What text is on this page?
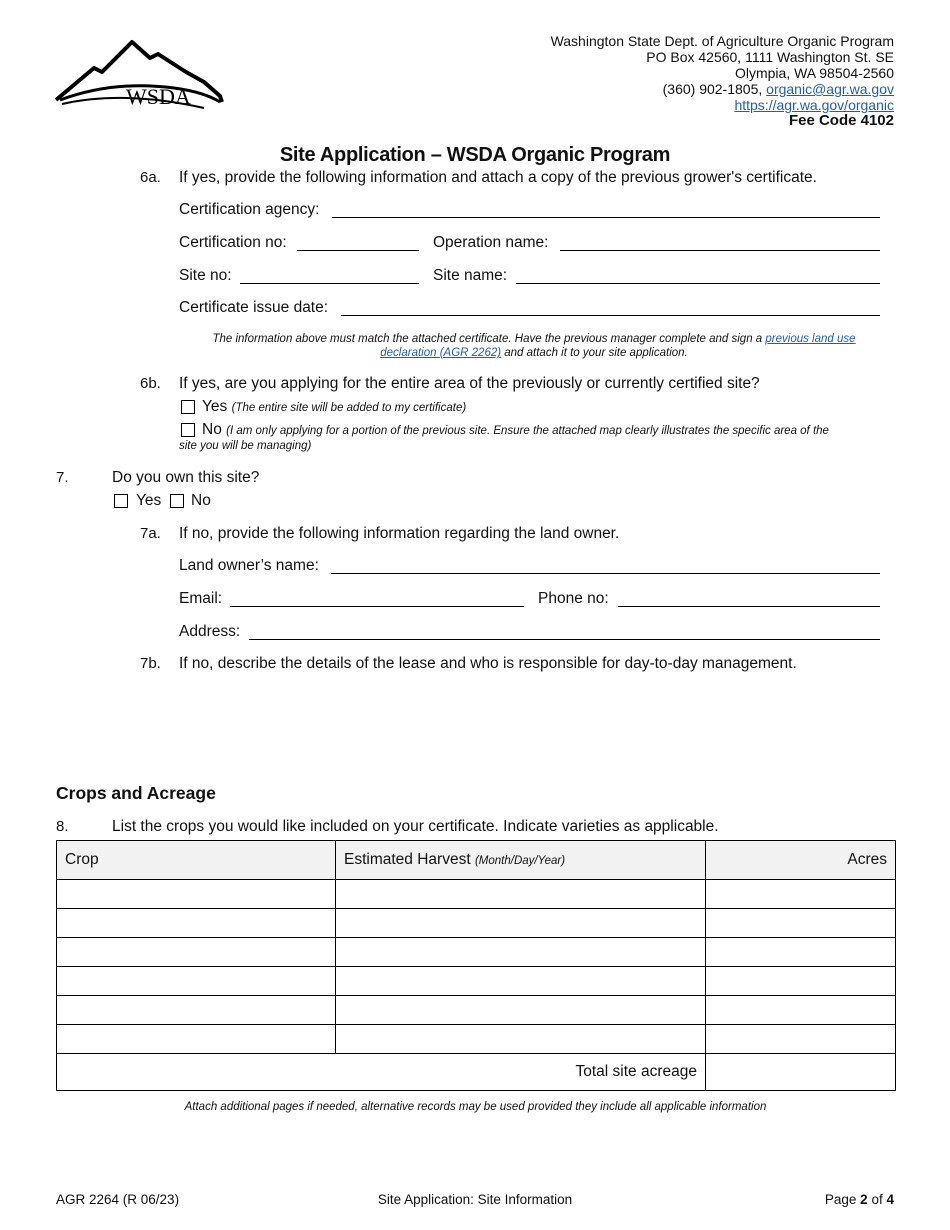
WSDA
Washington State Dept. of Agriculture Organic Program
PO Box 42560, 1111 Washington St. SE
Olympia, WA 98504-2560
(360) 902-1805, organic@agr.wa.gov
https://agr.wa.gov/organic
Fee Code 4102
Site Application – WSDA Organic Program
6a. If yes, provide the following information and attach a copy of the previous grower's certificate.
Certification agency:
Certification no:	Operation name:
Site no:	Site name:
Certificate issue date:
The information above must match the attached certificate. Have the previous manager complete and sign a previous land use
declaration (AGR 2262) and attach it to your site application.
6b. If yes, are you applying for the entire area of the previously or currently certified site?
Yes (The entire site will be added to my certificate)
No (I am only applying for a portion of the previous site. Ensure the attached map clearly illustrates the specific area of the
site you will be managing)
7.	Do you own this site?
Yes No
7a. If no, provide the following information regarding the land owner.
Land owner’s name:
Email:	Phone no:
Address:
7b. If no, describe the details of the lease and who is responsible for day-to-day management.
Crops and Acreage
8.	List the crops you would like included on your certificate. Indicate varieties as applicable.
Crop	Estimated Harvest (Month/Day/Year)	Acres

Total site acreage		
Attach additional pages if needed, alternative records may be used provided they include all applicable information
AGR 2264 (R 06/23)	Site Application: Site Information	Page 2 of 4
